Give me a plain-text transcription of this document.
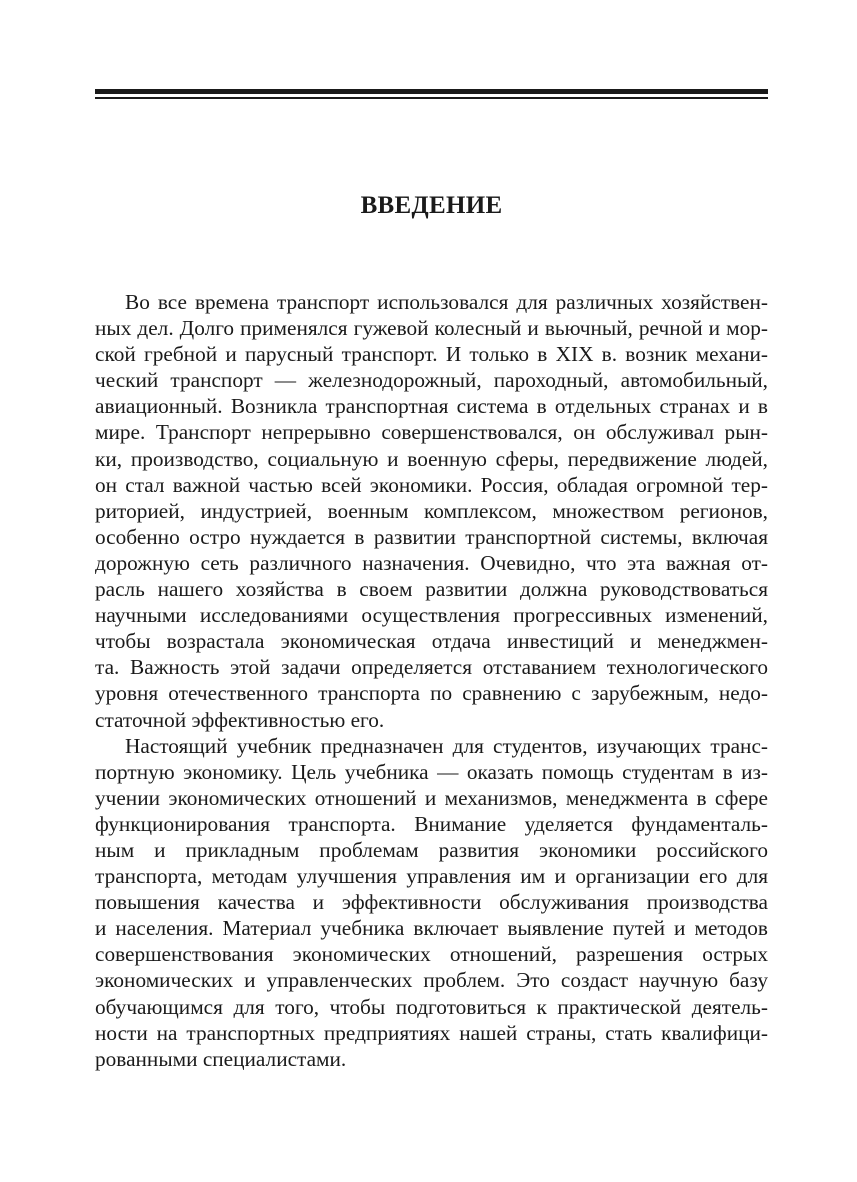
ВВЕДЕНИЕ

Во все времена транспорт использовался для различных хозяйствен-
ных дел. Долго применялся гужевой колесный и вьючный, речной и мор-
ской гребной и парусный транспорт. И только в XIX в. возник механи-
ческий транспорт — железнодорожный, пароходный, автомобильный,
авиационный. Возникла транспортная система в отдельных странах и в
мире. Транспорт непрерывно совершенствовался, он обслуживал рын-
ки, производство, социальную и военную сферы, передвижение людей,
он стал важной частью всей экономики. Россия, обладая огромной тер-
риторией, индустрией, военным комплексом, множеством регионов,
особенно остро нуждается в развитии транспортной системы, включая
дорожную сеть различного назначения. Очевидно, что эта важная от-
расль нашего хозяйства в своем развитии должна руководствоваться
научными исследованиями осуществления прогрессивных изменений,
чтобы возрастала экономическая отдача инвестиций и менеджмен-
та. Важность этой задачи определяется отставанием технологического
уровня отечественного транспорта по сравнению с зарубежным, недо-
статочной эффективностью его.

Настоящий учебник предназначен для студентов, изучающих транс-
портную экономику. Цель учебника — оказать помощь студентам в из-
учении экономических отношений и механизмов, менеджмента в сфере
функционирования транспорта. Внимание уделяется фундаменталь-
ным и прикладным проблемам развития экономики российского
транспорта, методам улучшения управления им и организации его для
повышения качества и эффективности обслуживания производства
и населения. Материал учебника включает выявление путей и методов
совершенствования экономических отношений, разрешения острых
экономических и управленческих проблем. Это создаст научную базу
обучающимся для того, чтобы подготовиться к практической деятель-
ности на транспортных предприятиях нашей страны, стать квалифици-
рованными специалистами.
